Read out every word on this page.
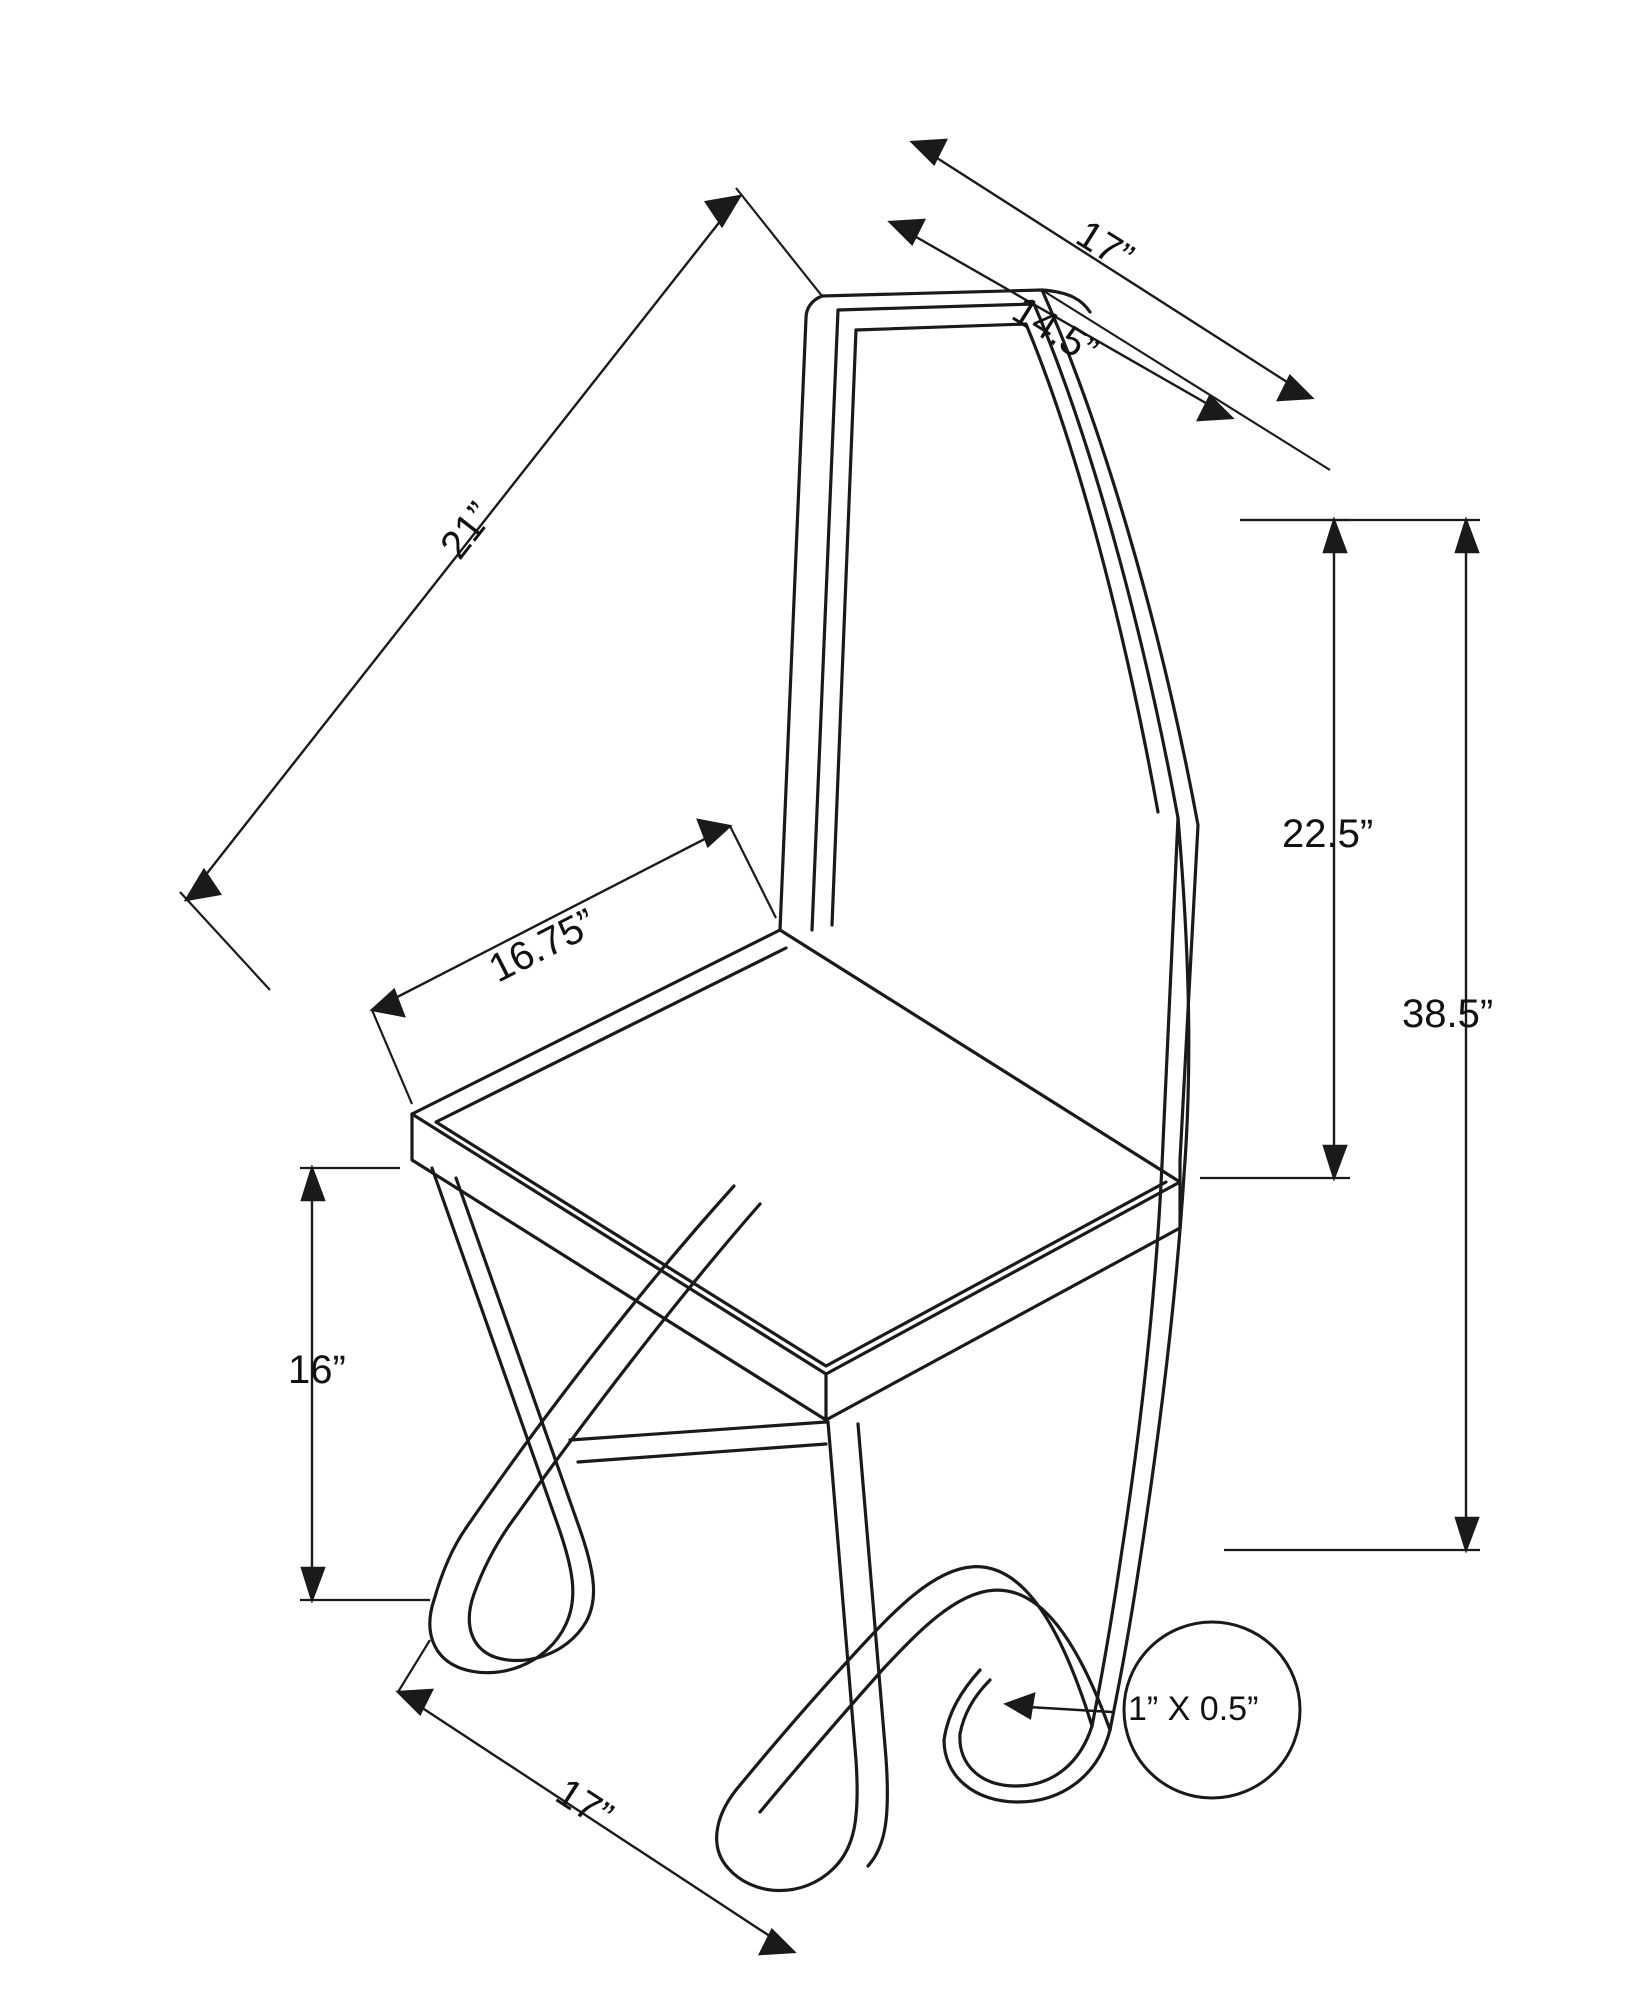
21”
17”
14.5”
16.75”
22.5”
38.5”
16”
17”
1” X 0.5”
